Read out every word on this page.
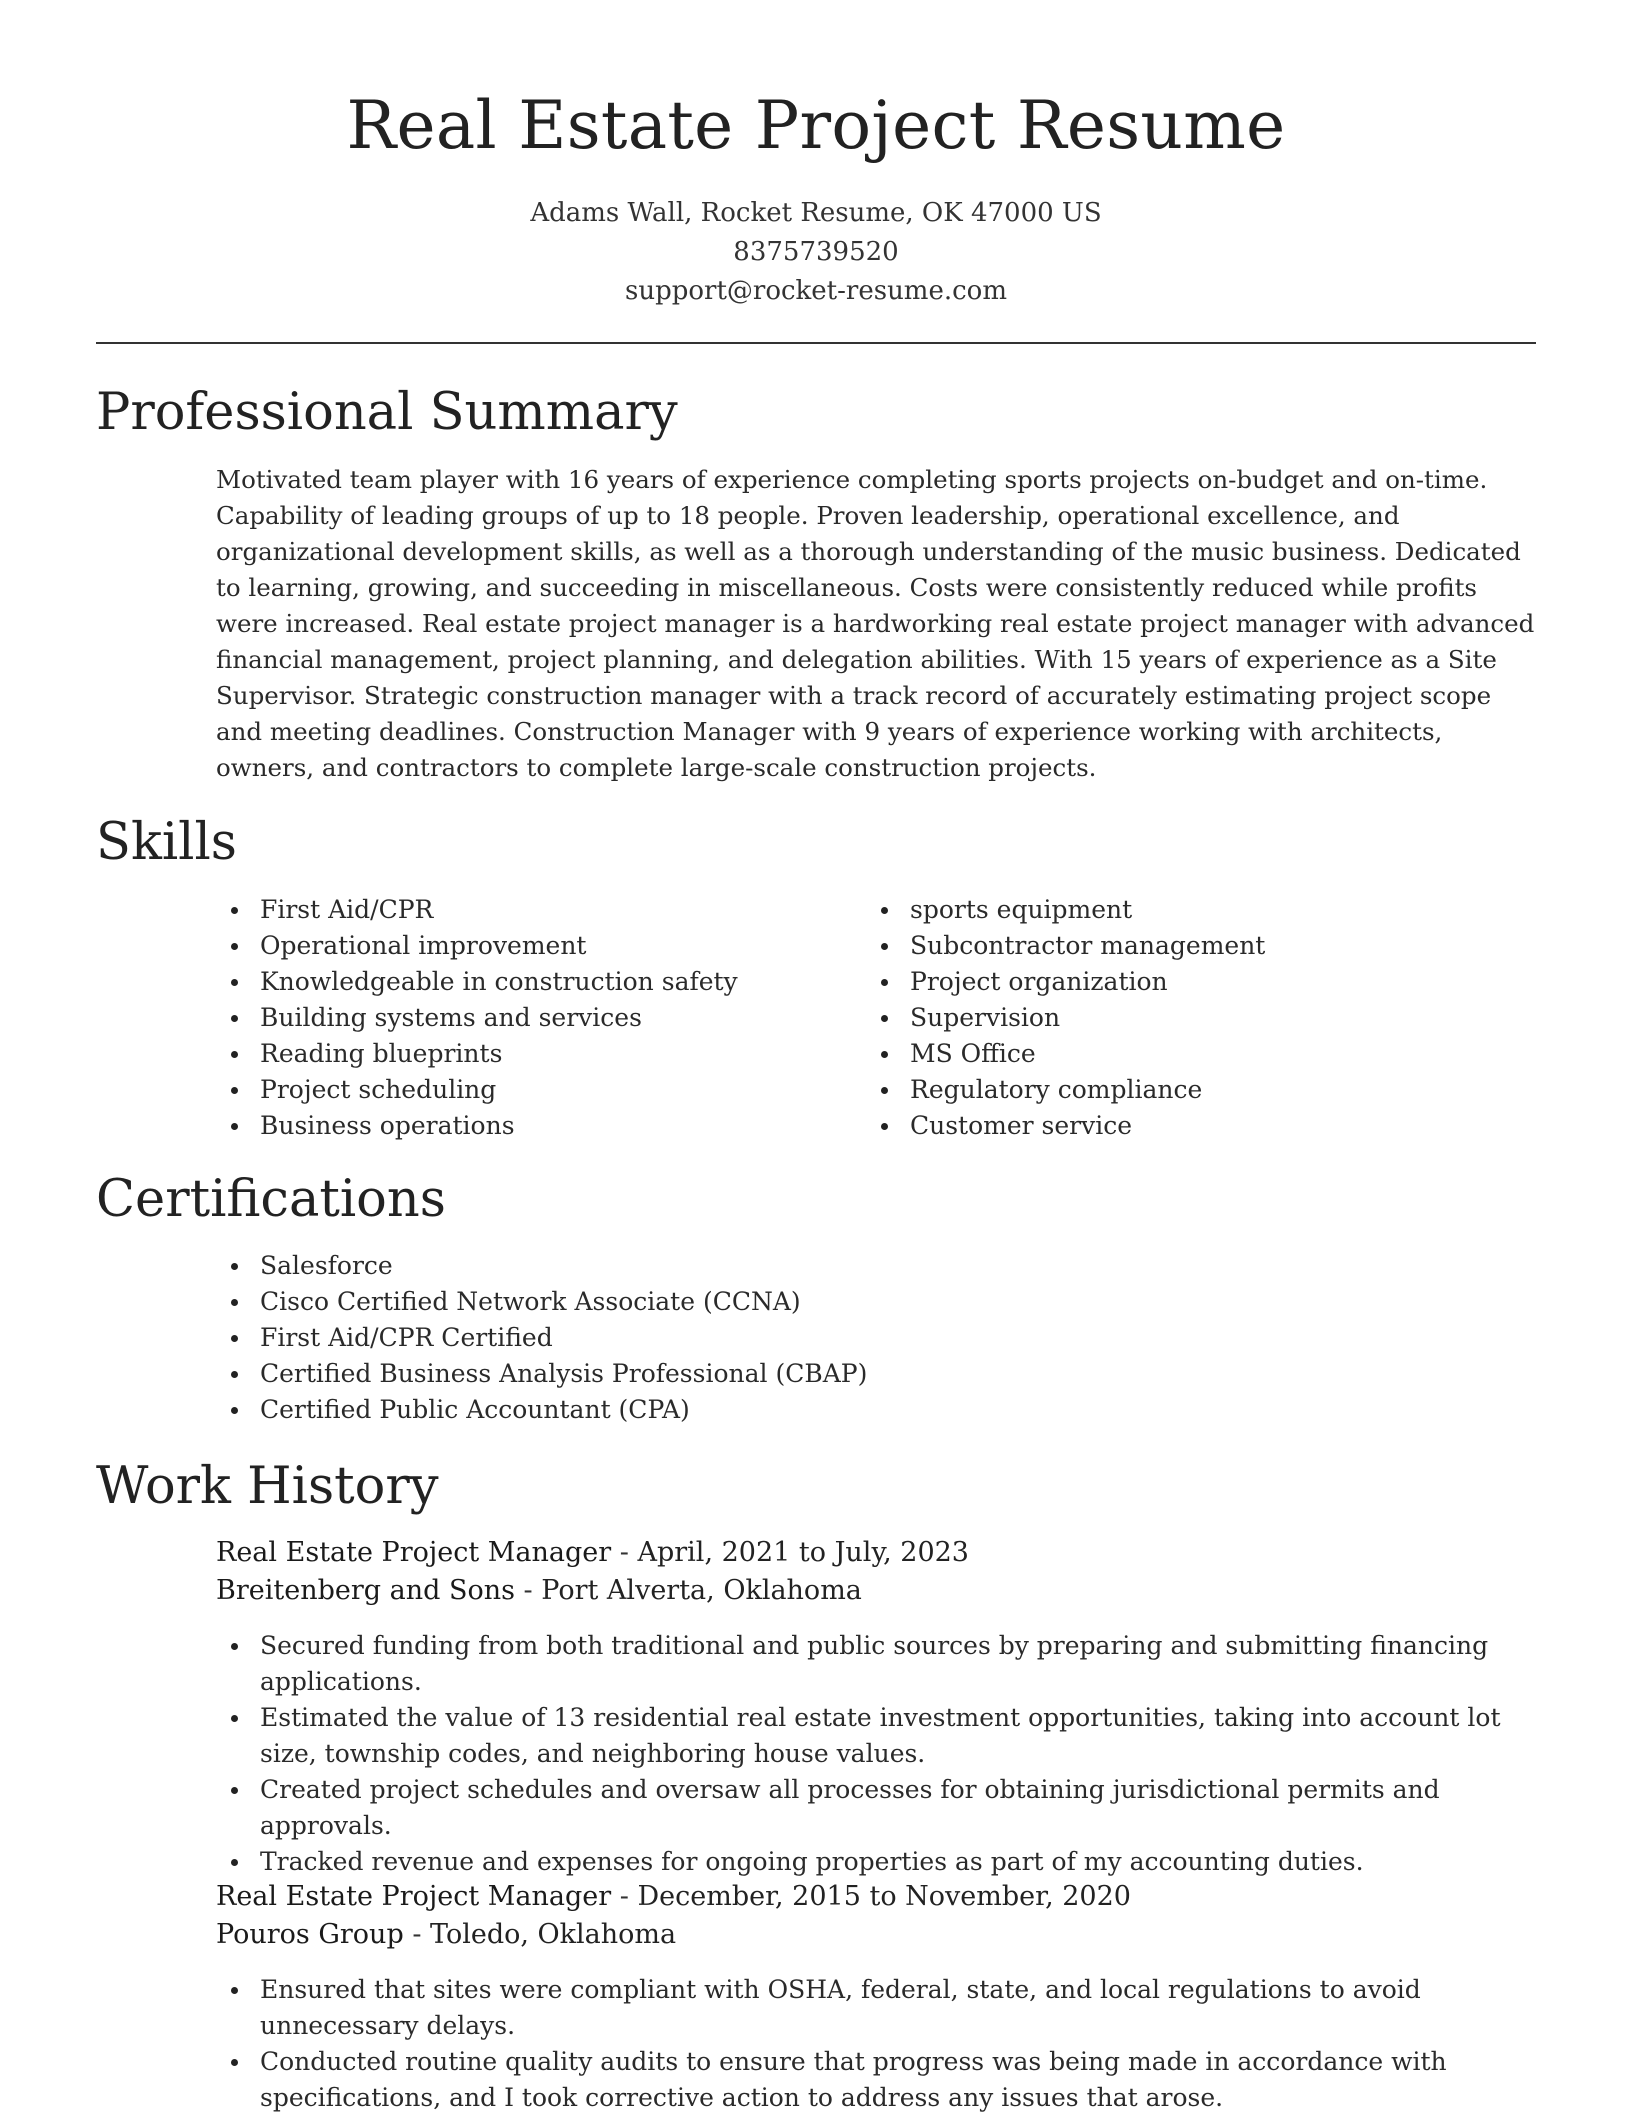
Real Estate Project Resume
Adams Wall, Rocket Resume, OK 47000 US
8375739520
support@rocket-resume.com
Professional Summary

Motivated team player with 16 years of experience completing sports projects on-budget and on-time. Capability of leading groups of up to 18 people. Proven leadership, operational excellence, and organizational development skills, as well as a thorough understanding of the music business. Dedicated to learning, growing, and succeeding in miscellaneous. Costs were consistently reduced while profits were increased. Real estate project manager is a hardworking real estate project manager with advanced financial management, project planning, and delegation abilities. With 15 years of experience as a Site Supervisor. Strategic construction manager with a track record of accurately estimating project scope and meeting deadlines. Construction Manager with 9 years of experience working with architects, owners, and contractors to complete large-scale construction projects.

Skills
First Aid/CPR
Operational improvement
Knowledgeable in construction safety
Building systems and services
Reading blueprints
Project scheduling
Business operations
sports equipment
Subcontractor management
Project organization
Supervision
MS Office
Regulatory compliance
Customer service
Certifications
Salesforce
Cisco Certified Network Associate (CCNA)
First Aid/CPR Certified
Certified Business Analysis Professional (CBAP)
Certified Public Accountant (CPA)
Work History
Real Estate Project Manager - April, 2021 to July, 2023
Breitenberg and Sons - Port Alverta, Oklahoma
Secured funding from both traditional and public sources by preparing and submitting financing applications.
Estimated the value of 13 residential real estate investment opportunities, taking into account lot size, township codes, and neighboring house values.
Created project schedules and oversaw all processes for obtaining jurisdictional permits and approvals.
Tracked revenue and expenses for ongoing properties as part of my accounting duties.
Real Estate Project Manager - December, 2015 to November, 2020
Pouros Group - Toledo, Oklahoma
Ensured that sites were compliant with OSHA, federal, state, and local regulations to avoid unnecessary delays.
Conducted routine quality audits to ensure that progress was being made in accordance with specifications, and I took corrective action to address any issues that arose.
